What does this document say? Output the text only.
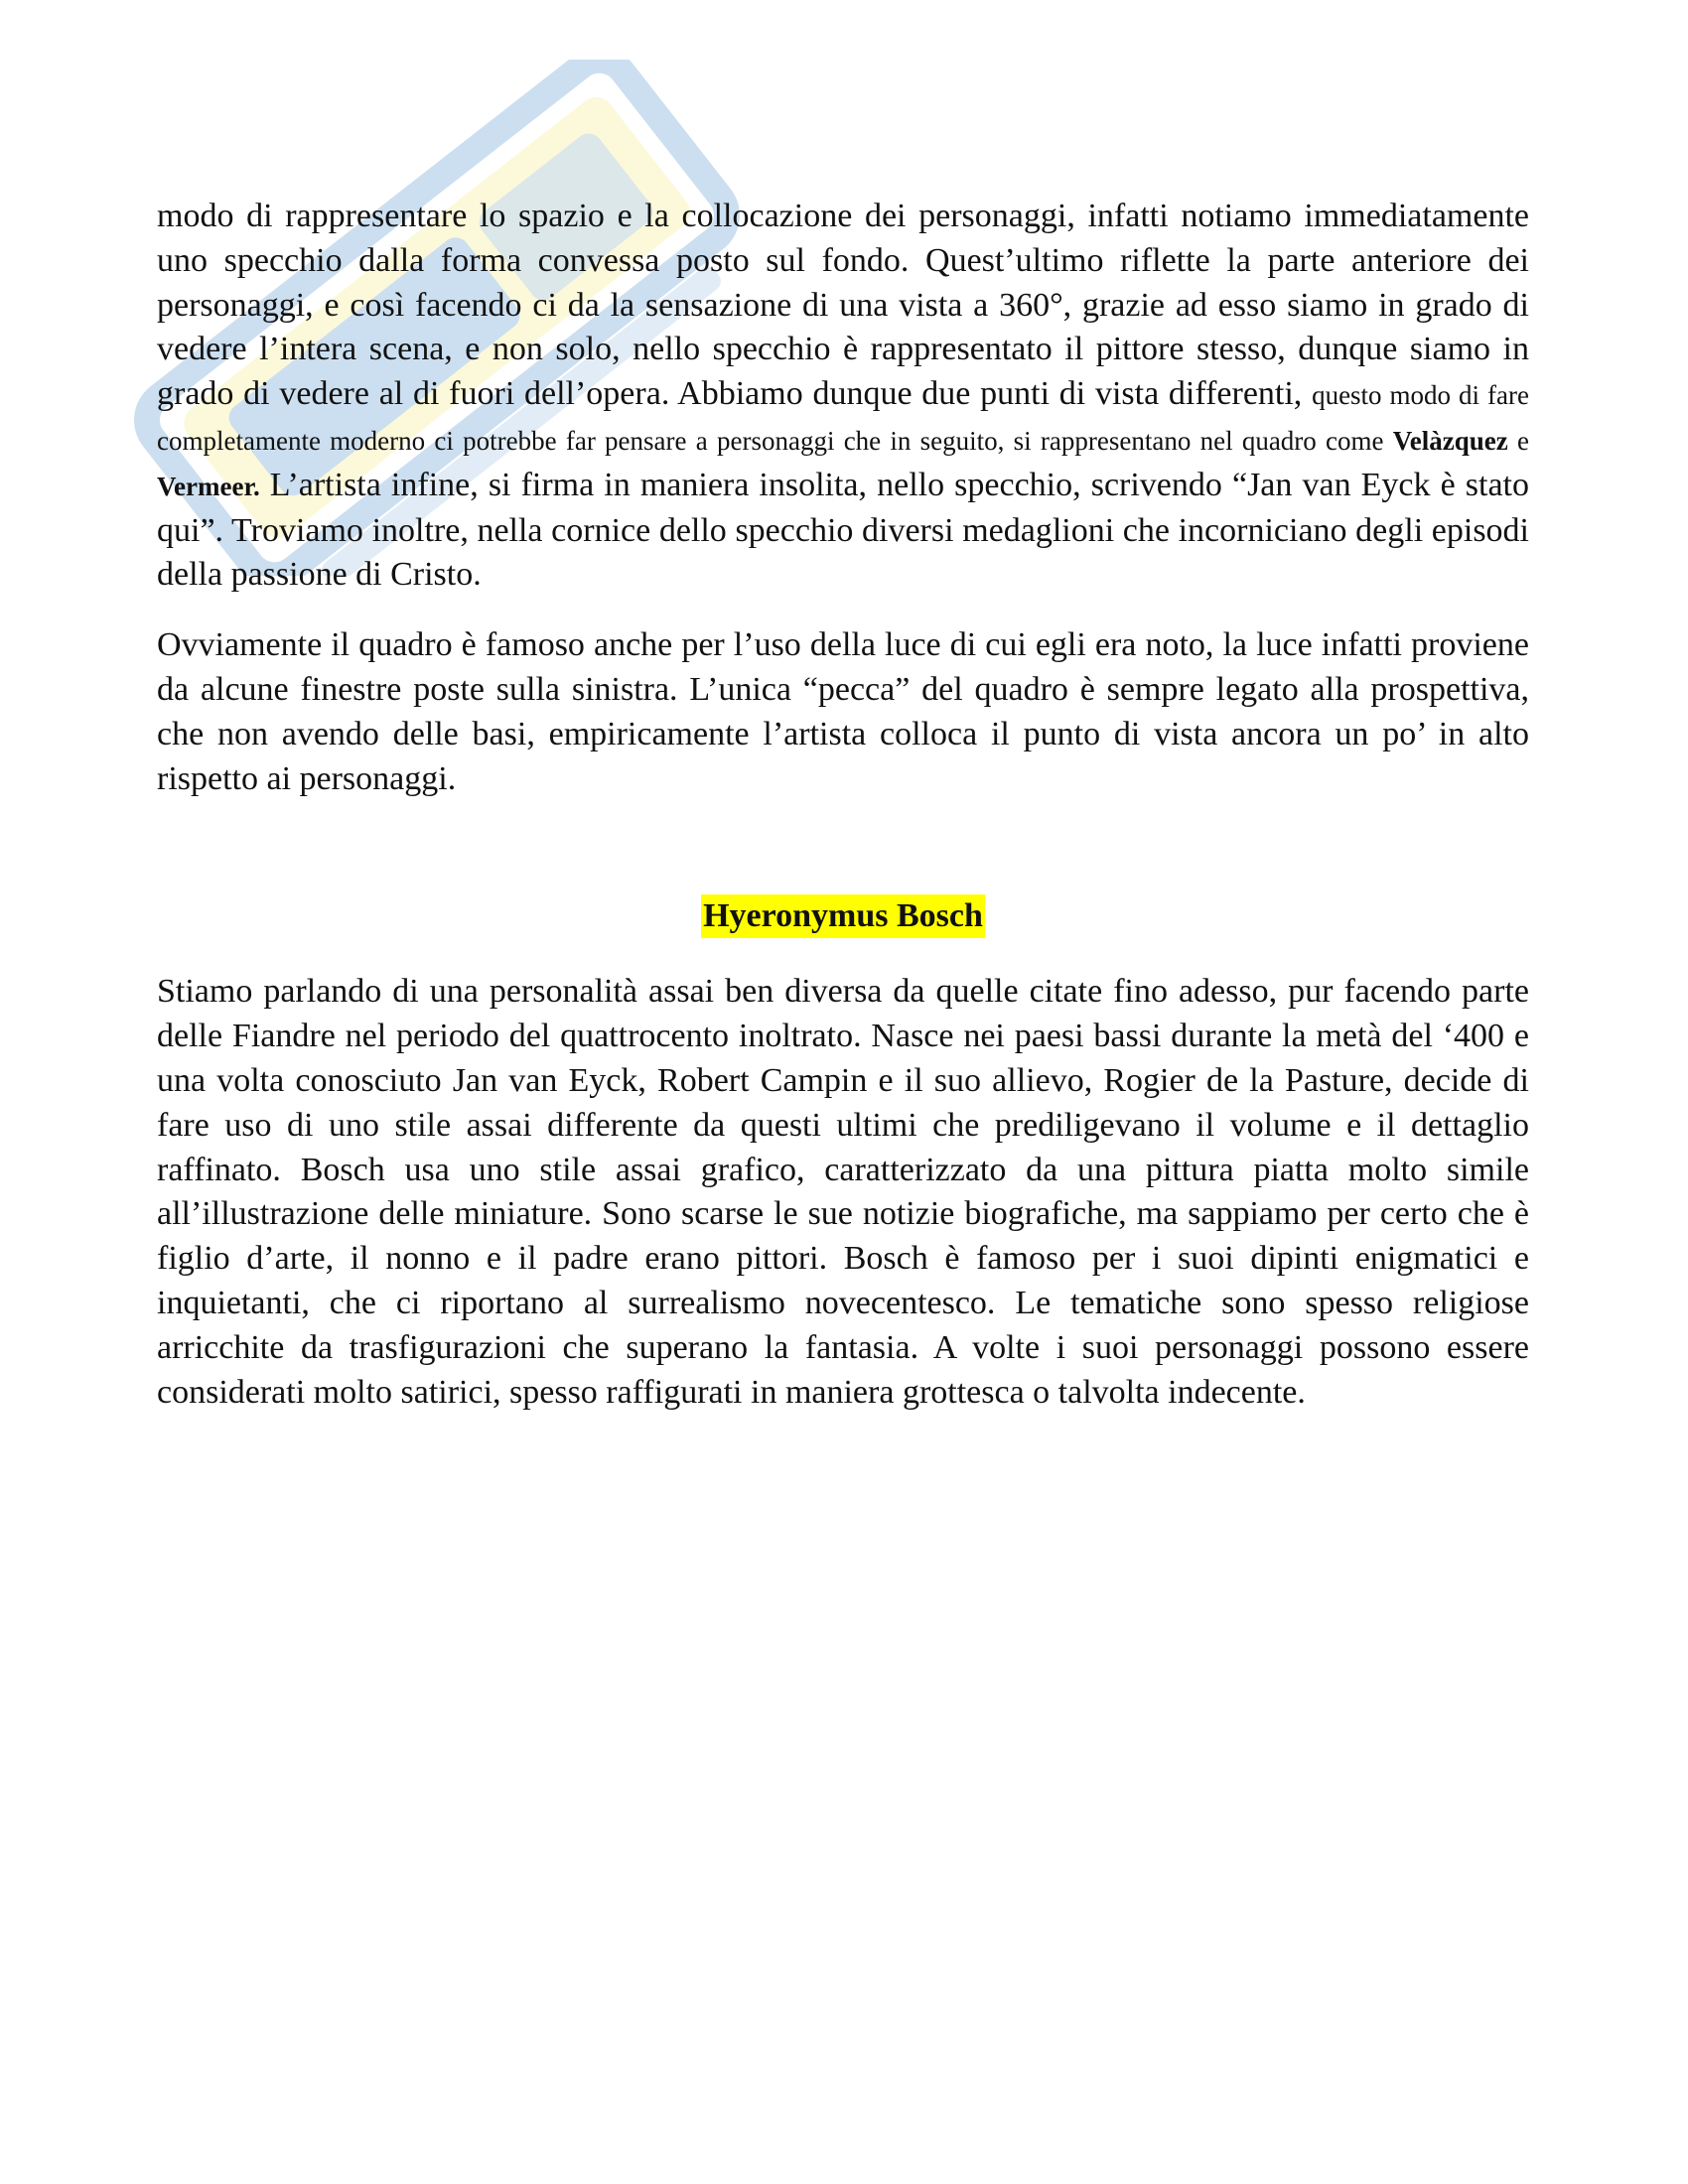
modo di rappresentare lo spazio e la collocazione dei personaggi, infatti notiamo immediatamente uno specchio dalla forma convessa posto sul fondo. Quest’ultimo riflette la parte anteriore dei personaggi, e così facendo ci da la sensazione di una vista a 360°, grazie ad esso siamo in grado di vedere l’intera scena, e non solo, nello specchio è rappresentato il pittore stesso, dunque siamo in grado di vedere al di fuori dell’opera. Abbiamo dunque due punti di vista differenti, questo modo di fare completamente moderno ci potrebbe far pensare a personaggi che in seguito, si rappresentano nel quadro come Velàzquez e Vermeer. L’artista infine, si firma in maniera insolita, nello specchio, scrivendo “Jan van Eyck è stato qui”. Troviamo inoltre, nella cornice dello specchio diversi medaglioni che incorniciano degli episodi della passione di Cristo.

Ovviamente il quadro è famoso anche per l’uso della luce di cui egli era noto, la luce infatti proviene da alcune finestre poste sulla sinistra. L’unica “pecca” del quadro è sempre legato alla prospettiva, che non avendo delle basi, empiricamente l’artista colloca il punto di vista ancora un po’ in alto rispetto ai personaggi.

Hyeronymus Bosch

Stiamo parlando di una personalità assai ben diversa da quelle citate fino adesso, pur facendo parte delle Fiandre nel periodo del quattrocento inoltrato. Nasce nei paesi bassi durante la metà del ‘400 e una volta conosciuto Jan van Eyck, Robert Campin e il suo allievo, Rogier de la Pasture, decide di fare uso di uno stile assai differente da questi ultimi che prediligevano il volume e il dettaglio raffinato. Bosch usa uno stile assai grafico, caratterizzato da una pittura piatta molto simile all’illustrazione delle miniature. Sono scarse le sue notizie biografiche, ma sappiamo per certo che è figlio d’arte, il nonno e il padre erano pittori. Bosch è famoso per i suoi dipinti enigmatici e inquietanti, che ci riportano al surrealismo novecentesco. Le tematiche sono spesso religiose arricchite da trasfigurazioni che superano la fantasia. A volte i suoi personaggi possono essere considerati molto satirici, spesso raffigurati in maniera grottesca o talvolta indecente.
